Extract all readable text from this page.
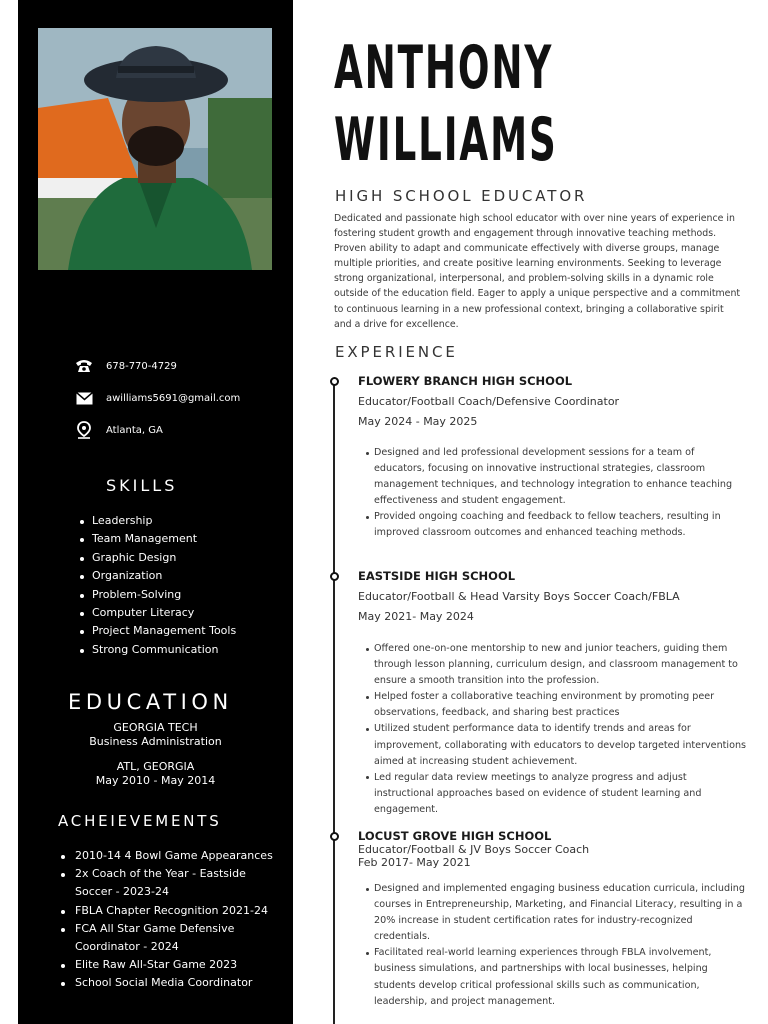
678-770-4729
awilliams5691@gmail.com
Atlanta, GA
SKILLS
Leadership
Team Management
Graphic Design
Organization
Problem-Solving
Computer Literacy
Project Management Tools
Strong Communication
EDUCATION
GEORGIA TECH
Business Administration
ATL, GEORGIA
May 2010 - May 2014
ACHEIEVEMENTS
2010-14 4 Bowl Game Appearances
2x Coach of the Year - Eastside Soccer - 2023-24
FBLA Chapter Recognition 2021-24
FCA All Star Game Defensive Coordinator - 2024
Elite Raw All-Star Game 2023
School Social Media Coordinator
ANTHONY
WILLIAMS
HIGH SCHOOL EDUCATOR

Dedicated and passionate high school educator with over nine years of experience in fostering student growth and engagement through innovative teaching methods. Proven ability to adapt and communicate effectively with diverse groups, manage multiple priorities, and create positive learning environments. Seeking to leverage strong organizational, interpersonal, and problem-solving skills in a dynamic role outside of the education field. Eager to apply a unique perspective and a commitment to continuous learning in a new professional context, bringing a collaborative spirit and a drive for excellence.

EXPERIENCE
FLOWERY BRANCH HIGH SCHOOL
Educator/Football Coach/Defensive Coordinator
May 2024 - May 2025
Designed and led professional development sessions for a team of educators, focusing on innovative instructional strategies, classroom management techniques, and technology integration to enhance teaching effectiveness and student engagement.
Provided ongoing coaching and feedback to fellow teachers, resulting in improved classroom outcomes and enhanced teaching methods.
EASTSIDE HIGH SCHOOL
Educator/Football & Head Varsity Boys Soccer Coach/FBLA
May 2021- May 2024
Offered one-on-one mentorship to new and junior teachers, guiding them through lesson planning, curriculum design, and classroom management to ensure a smooth transition into the profession.
Helped foster a collaborative teaching environment by promoting peer observations, feedback, and sharing best practices
Utilized student performance data to identify trends and areas for improvement, collaborating with educators to develop targeted interventions aimed at increasing student achievement.
Led regular data review meetings to analyze progress and adjust instructional approaches based on evidence of student learning and engagement.
LOCUST GROVE HIGH SCHOOL
Educator/Football & JV Boys Soccer Coach
Feb 2017- May 2021
Designed and implemented engaging business education curricula, including courses in Entrepreneurship, Marketing, and Financial Literacy, resulting in a 20% increase in student certification rates for industry-recognized credentials.
Facilitated real-world learning experiences through FBLA involvement, business simulations, and partnerships with local businesses, helping students develop critical professional skills such as communication, leadership, and project management.
